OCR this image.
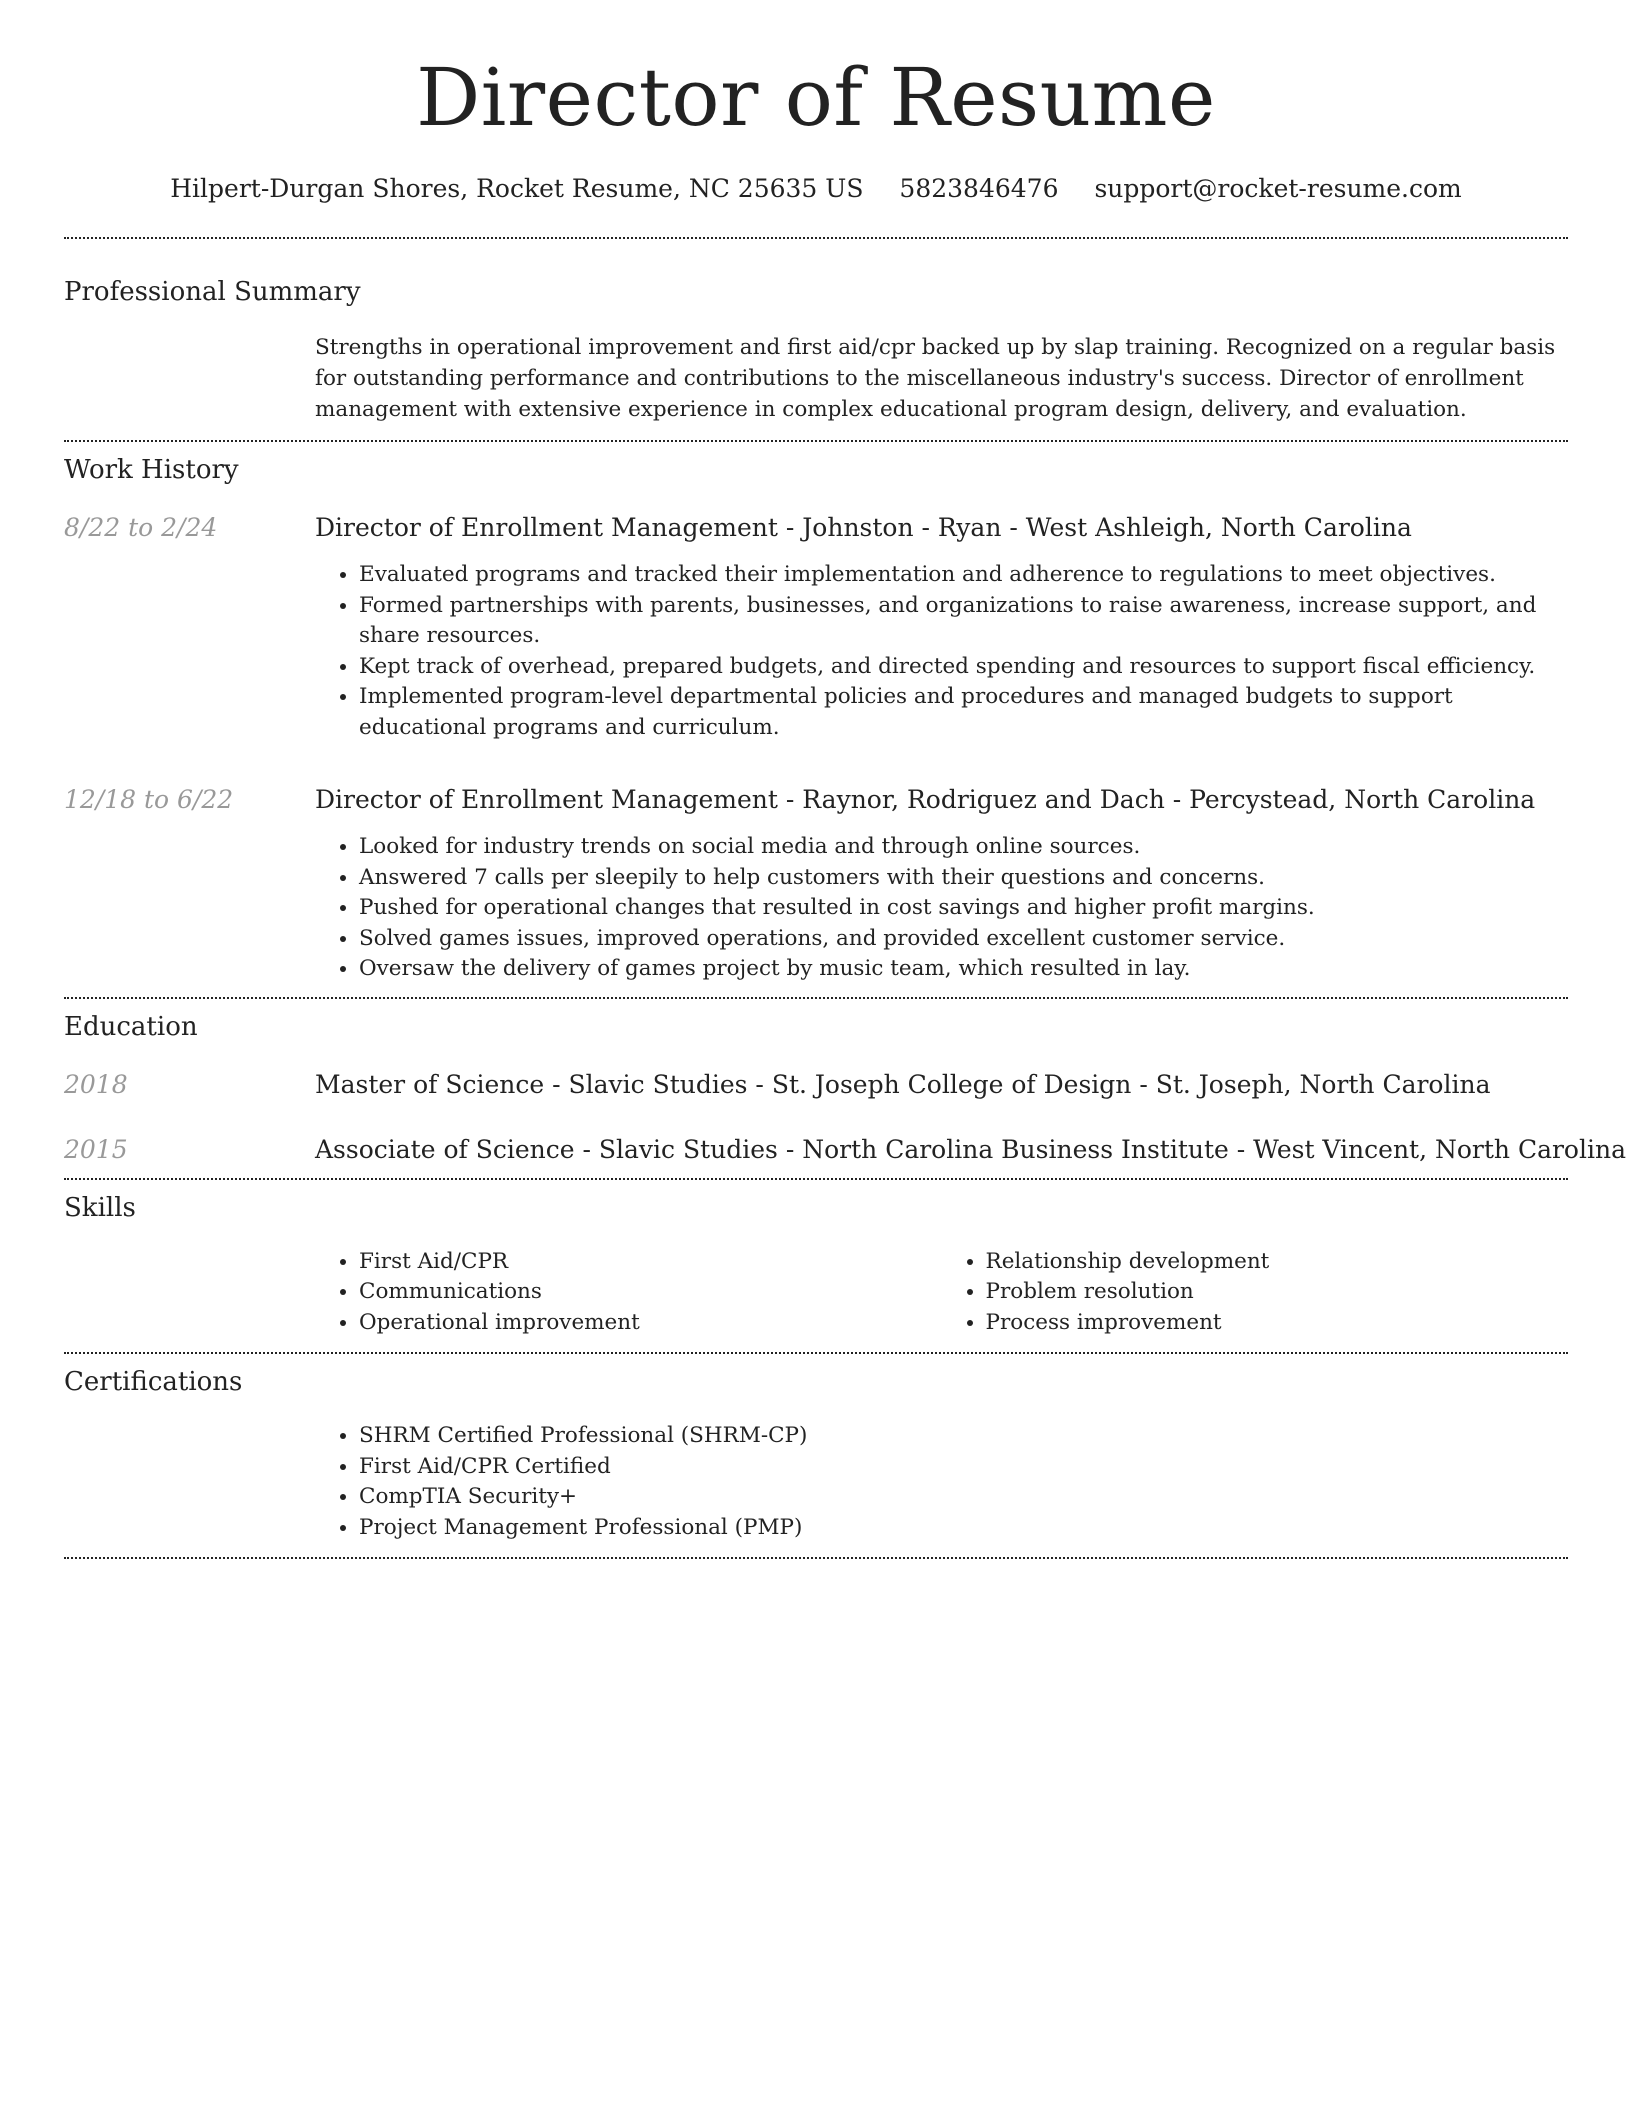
Director of Resume
Hilpert-Durgan Shores, Rocket Resume, NC 25635 US 5823846476 support@rocket-resume.com
Professional Summary

Strengths in operational improvement and first aid/cpr backed up by slap training. Recognized on a regular basis for outstanding performance and contributions to the miscellaneous industry's success. Director of enrollment management with extensive experience in complex educational program design, delivery, and evaluation.

Work History
8/22 to 2/24	Director of Enrollment Management - Johnston - Ryan - West Ashleigh, North Carolina

• Evaluated programs and tracked their implementation and adherence to regulations to meet objectives.
• Formed partnerships with parents, businesses, and organizations to raise awareness, increase support, and share resources.
• Kept track of overhead, prepared budgets, and directed spending and resources to support fiscal efficiency.
• Implemented program-level departmental policies and procedures and managed budgets to support educational programs and curriculum.
12/18 to 6/22	Director of Enrollment Management - Raynor, Rodriguez and Dach - Percystead, North Carolina

• Looked for industry trends on social media and through online sources.
• Answered 7 calls per sleepily to help customers with their questions and concerns.
• Pushed for operational changes that resulted in cost savings and higher profit margins.
• Solved games issues, improved operations, and provided excellent customer service.
• Oversaw the delivery of games project by music team, which resulted in lay.
Education
2018	Master of Science - Slavic Studies - St. Joseph College of Design - St. Joseph, North Carolina

2015	Associate of Science - Slavic Studies - North Carolina Business Institute - West Vincent, North Carolina

Skills
• First Aid/CPR
• Communications
• Operational improvement
• Relationship development
• Problem resolution
• Process improvement
Certifications
• SHRM Certified Professional (SHRM-CP)
• First Aid/CPR Certified
• CompTIA Security+
• Project Management Professional (PMP)
